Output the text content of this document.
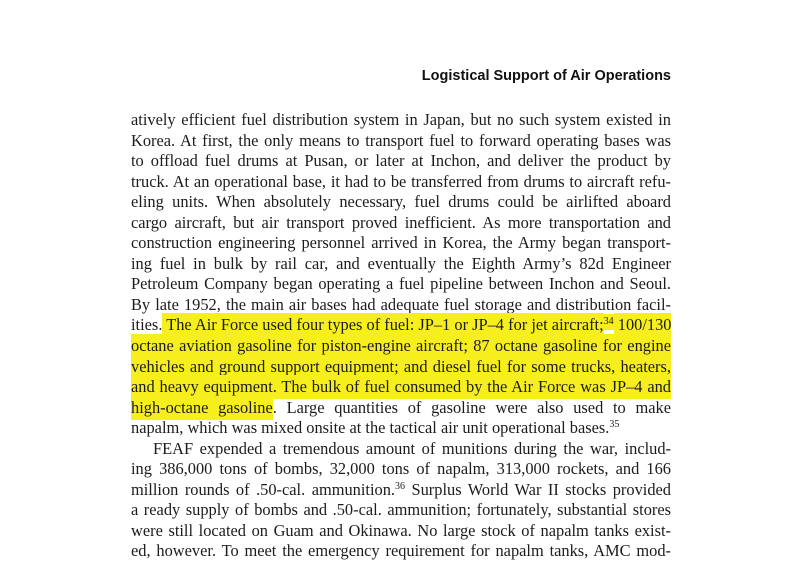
Logistical Support of Air Operations
atively efficient fuel distribution system in Japan, but no such system existed in
Korea. At first, the only means to transport fuel to forward operating bases was
to offload fuel drums at Pusan, or later at Inchon, and deliver the product by
truck. At an operational base, it had to be transferred from drums to aircraft refu-
eling units. When absolutely necessary, fuel drums could be airlifted aboard
cargo aircraft, but air transport proved inefficient. As more transportation and
construction engineering personnel arrived in Korea, the Army began transport-
ing fuel in bulk by rail car, and eventually the Eighth Army’s 82d Engineer
Petroleum Company began operating a fuel pipeline between Inchon and Seoul.
By late 1952, the main air bases had adequate fuel storage and distribution facil-
ities. The Air Force used four types of fuel: JP–1 or JP–4 for jet aircraft;$^{34}$ 100/130
octane aviation gasoline for piston-engine aircraft; 87 octane gasoline for engine
vehicles and ground support equipment; and diesel fuel for some trucks, heaters,
and heavy equipment. The bulk of fuel consumed by the Air Force was JP–4 and
high-octane gasoline. Large quantities of gasoline were also used to make
napalm, which was mixed onsite at the tactical air unit operational bases.$^{35}$
FEAF expended a tremendous amount of munitions during the war, includ-
ing 386,000 tons of bombs, 32,000 tons of napalm, 313,000 rockets, and 166
million rounds of .50-cal. ammunition.$^{36}$ Surplus World War II stocks provided
a ready supply of bombs and .50-cal. ammunition; fortunately, substantial stores
were still located on Guam and Okinawa. No large stock of napalm tanks exist-
ed, however. To meet the emergency requirement for napalm tanks, AMC mod-
